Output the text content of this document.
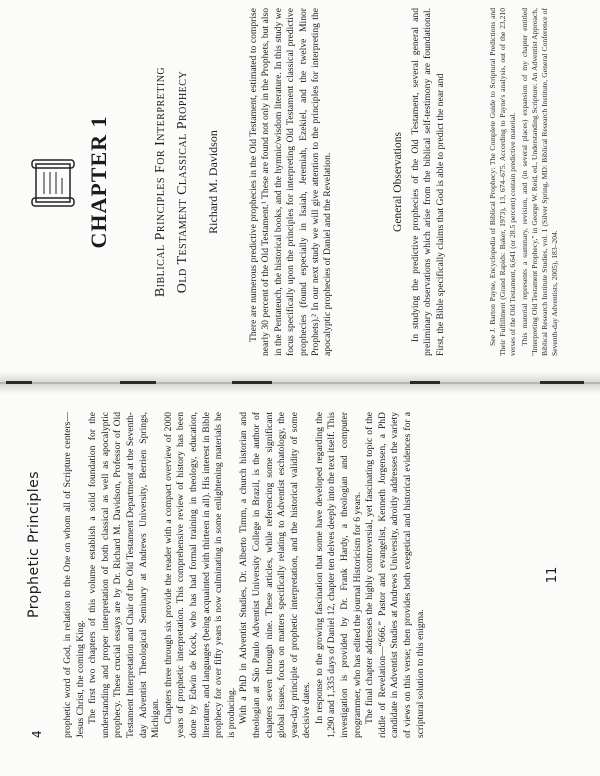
4
Prophetic Principles prophetic word of God, in relation to the One on whom all of Scripture centers—Jesus Christ, the coming King. The first two chapters of this volume establish a solid foundation for the understanding and proper interpretation of both classical as well as apocalyptic prophecy. These crucial essays are by Dr. Richard M. Davidson, Professor of Old Testament Interpretation and Chair of the Old Testament Department at the Seventh-day Adventist Theological Seminary at Andrews University, Berrien Springs, Michigan. Chapters three through six provide the reader with a compact overview of 2000 years of prophetic interpretation. This comprehensive review of history has been done by Edwin de Kock, who has had formal training in theology, education, literature, and languages (being acquainted with thirteen in all). His interest in Bible prophecy for over fifty years is now culminating in some enlightening materials he is producing. With a PhD in Adventist Studies, Dr. Alberto Timm, a church historian and theologian at São Paulo Adventist University College in Brazil, is the author of chapters seven through nine. These articles, while referencing some significant global issues, focus on matters specifically relating to Adventist eschatology, the year-day principle of prophetic interpretation, and the historical validity of some decisive dates. In response to the growing fascination that some have developed regarding the 1,290 and 1,335 days of Daniel 12, chapter ten delves deeply into the text itself. This investigation is provided by Dr. Frank Hardy, a theologian and computer programmer, who has edited the journal Historicism for 6 years. The final chapter addresses the highly controversial, yet fascinating topic of the riddle of Revelation—“666.” Pastor and evangelist, Kenneth Jorgensen, a PhD candidate in Adventist Studies at Andrews University, adroitly addresses the variety of views on this verse; then provides both exegetical and historical evidences for a scriptural solution to this enigma.

11
CHAPTER 1	Biblical Principles For Interpreting Old Testament Classical Prophecy	Richard M. Davidson	There are numerous predictive prophecies in the Old Testament, estimated to comprise nearly 30 percent of the Old Testament.¹ These are found not only in the Prophets, but also in the Pentateuch, the historical books, and the hymnic/wisdom literature. In this study we focus specifically upon the principles for interpreting Old Testament classical predictive prophecies (found especially in Isaiah, Jeremiah, Ezekiel, and the twelve Minor Prophets).² In our next study we will give attention to the principles for interpreting the apocalyptic prophecies of Daniel and the Revelation.	General Observations In studying the predictive prophecies of the Old Testament, several general and preliminary observations which arise from the biblical self-testimony are foundational. First, the Bible specifically claims that God is able to predict the near and	See J. Barton Payne, Encyclopedia of Biblical Prophecy: The Complete Guide to Scriptural Predictions and Their Fulfillment (Grand Rapids: Baker, 1973), 13, 674–675. According to Payne's analysis, out of the 23,210 verses of the Old Testament, 6,641 (or 28.5 percent) contain predictive material. This material represents a summary, revision, and (in several places) expansion of my chapter entitled "Interpreting Old Testament Prophecy," in George W. Reid, ed., Understanding Scripture: An Adventist Approach, Biblical Research Institute Studies, vol. 1 (Silver Spring, MD: Biblical Research Institute, General Conference of Seventh-day Adventists, 2005), 183–204.
